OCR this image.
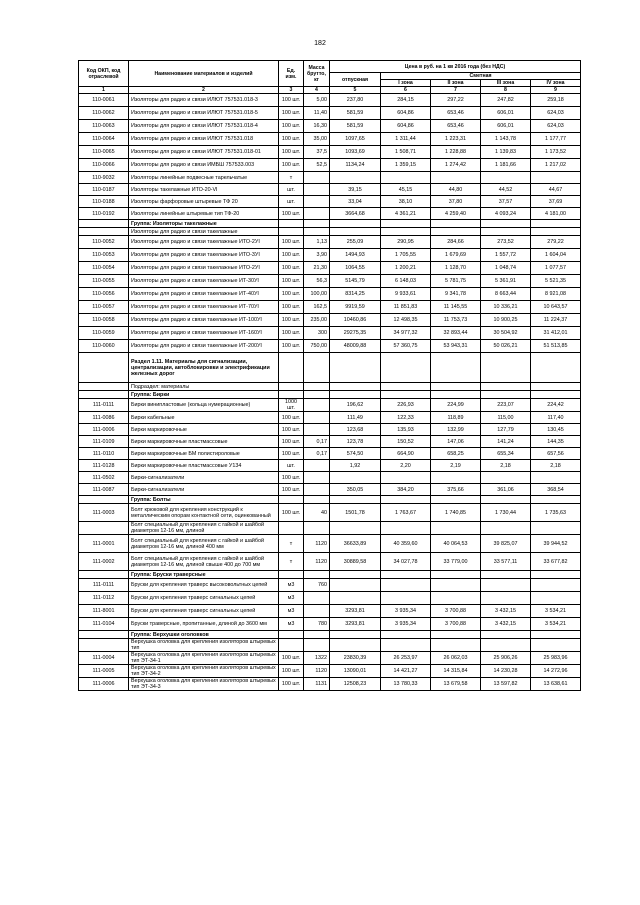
182
Код ОКП, код отраслевой	Наименование материалов и изделий	Ед. изм.	Масса брутто, кг	Цена в руб. на 1 кв 2016 года (без НДС)				
				отпускная	Сметная			
					I зона	II зона	III зона	IV зона
1	2	3	4	5	6	7	8	9
110-0061	Изоляторы для радио и связи ИЛЮТ 757531.018-3	100 шт.	5,00	237,80	284,15	297,22	247,82	259,18
110-0062	Изоляторы для радио и связи ИЛЮТ 757531.018-5	100 шт.	11,40	581,59	604,86	653,46	606,01	624,03
110-0063	Изоляторы для радио и связи ИЛЮТ 757531.018-4	100 шт.	16,30	581,59	604,86	653,46	606,01	624,03
110-0064	Изоляторы для радио и связи ИЛЮТ 757531.018	100 шт.	35,00	1097,65	1 311,44	1 223,31	1 143,78	1 177,77
110-0065	Изоляторы для радио и связи ИЛЮТ 757531.018-01	100 шт.	37,5	1093,69	1 508,71	1 228,88	1 139,83	1 173,52
110-0066	Изоляторы для радио и связи ИМБШ 757533.003	100 шт.	52,5	1134,24	1 359,15	1 274,42	1 181,66	1 217,02
110-9032	Изоляторы линейные подвесные тарельчатые	т						
110-0187	Изоляторы такелажные ИТО-20-VI	шт.		39,15	45,15	44,80	44,52	44,67
110-0188	Изоляторы фарфоровые штыревые ТФ 20	шт.		33,04	38,10	37,80	37,57	37,69
110-0192	Изоляторы линейные штыревые тип ТФ-20	100 шт.		3664,68	4 361,21	4 259,40	4 093,24	4 181,00
	Группа: Изоляторы такелажные							
	Изоляторы для радио и связи такелажные							
110-0052	Изоляторы для радио и связи такелажные ИТО-2УI	100 шт.	1,13	255,09	290,95	284,66	273,52	279,22
110-0053	Изоляторы для радио и связи такелажные ИТО-3УI	100 шт.	3,90	1494,93	1 705,55	1 679,69	1 557,72	1 604,04
110-0054	Изоляторы для радио и связи такелажные ИТО-2УI	100 шт.	21,30	1064,55	1 200,21	1 128,70	1 048,74	1 077,57
110-0055	Изоляторы для радио и связи такелажные ИТ-30УI	100 шт.	56,3	5145,79	6 148,03	5 781,75	5 361,91	5 521,35
110-0056	Изоляторы для радио и связи такелажные ИТ-40УI	100 шт.	100,00	8314,25	9 933,61	9 341,78	8 663,44	8 921,08
110-0057	Изоляторы для радио и связи такелажные ИТ-70УI	100 шт.	162,5	9919,59	11 851,83	11 145,55	10 336,21	10 643,57
110-0058	Изоляторы для радио и связи такелажные ИТ-100УI	100 шт.	235,00	10460,86	12 498,35	11 753,73	10 900,25	11 224,37
110-0059	Изоляторы для радио и связи такелажные ИТ-160УI	100 шт.	300	29275,35	34 977,32	32 893,44	30 504,92	31 412,01
110-0060	Изоляторы для радио и связи такелажные ИТ-200УI	100 шт.	750,00	48009,88	57 360,75	53 943,31	50 026,21	51 513,85
	Раздел 1.11. Материалы для сигнализации, централизации, автоблокировки и электрификации железных дорог							
	Подраздел: материалы							
	Группа: Бирки							
111-0111	Бирки винипластовые (кольца нумерационные)	1000 шт.		196,62	226,93	224,99	223,07	224,42
111-0086	Бирки кабельные	100 шт.		111,49	122,33	118,89	115,00	117,40
111-0006	Бирки маркировочные	100 шт.		123,68	135,93	132,99	127,79	130,45
111-0109	Бирки маркировочные пластмассовые	100 шт.	0,17	123,78	150,52	147,06	141,24	144,35
111-0110	Бирки маркировочные БМ полистироловые	100 шт.	0,17	574,50	664,90	658,25	655,34	657,56
111-0128	Бирки маркировочные пластмассовые У134	шт.		1,92	2,20	2,19	2,18	2,18
111-0502	Бирки-сигнализатели	100 шт.						
111-0087	Бирки-сигнализатели	100 шт.		350,05	384,20	375,66	361,06	368,54
	Группа: Болты							
111-0003	Болт крюковой для крепления конструкций к металлическим опорам контактной сети, оцинкованный	100 шт.	40	1501,78	1 763,67	1 740,85	1 730,44	1 735,63
	Болт специальный для крепления с гайкой и шайбой диаметром 12-16 мм, длиной							
111-0001	Болт специальный для крепления с гайкой и шайбой диаметром 12-16 мм, длиной 400 мм	т	1120	36633,89	40 359,60	40 064,53	39 825,07	39 944,52
111-0002	Болт специальный для крепления с гайкой и шайбой диаметром 12-16 мм, длиной свыше 400 до 700 мм	т	1120	30889,58	34 027,78	33 779,00	33 577,11	33 677,82
	Группа: Бруски траверсные							
111-0111	Бруски для крепления траверс высоковольтных цепей	м3	760					
111-0112	Бруски для крепления траверс сигнальных цепей	м3						
111-8001	Бруски для крепления траверс сигнальных цепей	м3		3293,81	3 935,34	3 700,88	3 432,15	3 534,21
111-0104	Бруски траверсные, пропитанные, длиной до 3600 мм	м3	780	3293,81	3 935,34	3 700,88	3 432,15	3 534,21
	Группа: Верхушки оголовков							
	Верхушка оголовка для крепления изоляторов штыревых тип							
111-0004	Верхушка оголовка для крепления изоляторов штыревых тип ЭТ-34-1	100 шт.	1322	23830,39	26 253,97	26 062,03	25 906,26	25 983,96
111-0005	Верхушка оголовка для крепления изоляторов штыревых тип ЭТ-34-2	100 шт.	1120	13090,01	14 421,27	14 315,84	14 230,28	14 272,96
111-0006	Верхушка оголовка для крепления изоляторов штыревых тип ЭТ-34-3	100 шт.	1131	12508,23	13 780,33	13 679,58	13 597,82	13 638,61
